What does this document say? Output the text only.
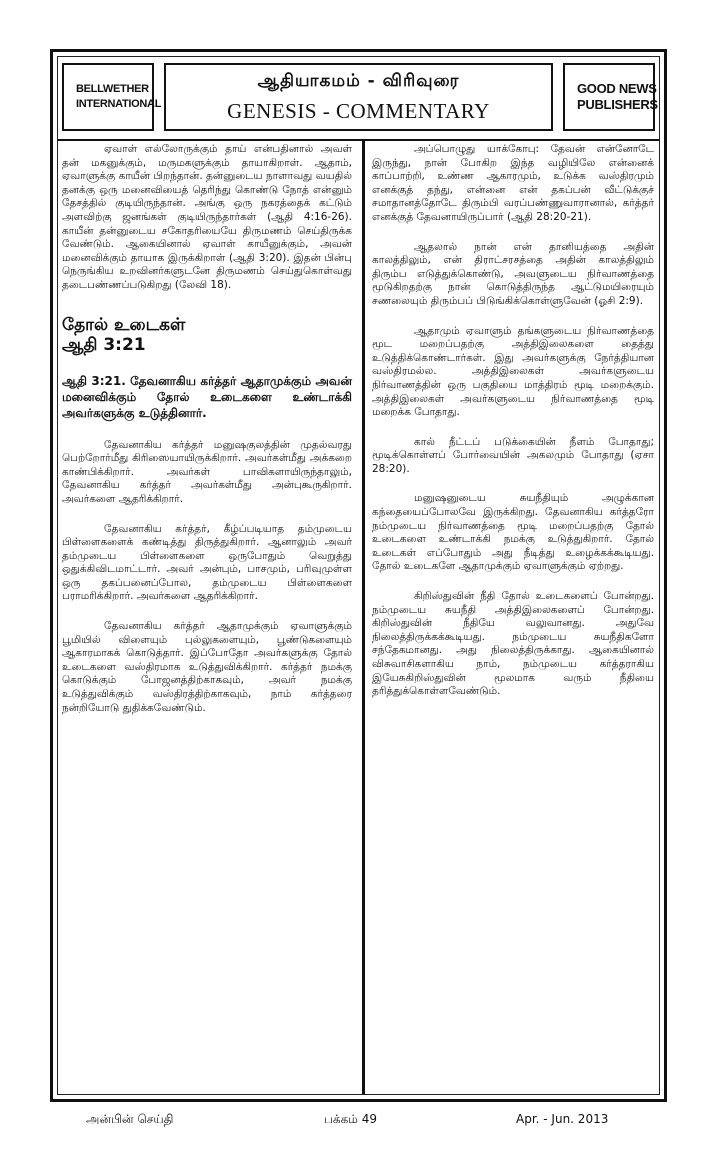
BELLWETHER
INTERNATIONAL
ஆதியாகமம் - விரிவுரை
GENESIS - COMMENTARY
GOOD NEWS
PUBLISHERS

ஏவாள் எல்லோருக்கும் தாய் என்பதினால் அவள் தன் மகனுக்கும், மருமகளுக்கும் தாயாகிறாள். ஆதாம், ஏவாளுக்கு காயீன் பிறந்தான். தன்னுடைய நாளாவது வயதில் தனக்கு ஒரு மனைவியைத் தெரிந்து கொண்டு நோத் என்னும் தேசத்தில் குடியிருந்தான். அங்கு ஒரு நகரத்தைக் கட்டும் அளவிற்கு ஜனங்கள் குடியிருந்தார்கள் (ஆதி 4:16-26). காயீன் தன்னுடைய சகோதரியையே திருமணம் செய்திருக்க வேண்டும். ஆகையினால் ஏவாள் காயீனுக்கும், அவன் மனைவிக்கும் தாயாக இருக்கிறாள் (ஆதி 3:20). இதன் பின்பு நெருங்கிய உறவினர்களுடனே திருமணம் செய்துகொள்வது தடைபண்ணப்படுகிறது (லேவி 18).

தோல் உடைகள்
ஆதி 3:21

ஆதி 3:21. தேவனாகிய கர்த்தர் ஆதாமுக்கும் அவன் மனைவிக்கும் தோல் உடைகளை உண்டாக்கி அவர்களுக்கு உடுத்தினார்.

தேவனாகிய கர்த்தர் மனுஷகுலத்தின் முதல்வரது பெற்றோர்மீது கிரிஸையாயிருக்கிறார். அவர்கள்மீது அக்கறை காண்பிக்கிறார். அவர்கள் பாவிகளாயிருந்தாலும், தேவனாகிய கர்த்தர் அவர்கள்மீது அன்புகூருகிறார். அவர்களை ஆதரிக்கிறார்.

தேவனாகிய கர்த்தர், கீழ்ப்படியாத தம்முடைய பிள்ளைகளைக் கண்டித்து திருத்துகிறார். ஆனாலும் அவர் தம்முடைய பிள்ளைகளை ஒருபோதும் வெறுத்து ஒதுக்கிவிடமாட்டார். அவர் அன்பும், பாசமும், பரிவுமுள்ள ஒரு தகப்பனைப்போல, தம்முடைய பிள்ளைகளை பராமரிக்கிறார். அவர்களை ஆதரிக்கிறார்.

தேவனாகிய கர்த்தர் ஆதாமுக்கும் ஏவாளுக்கும் பூமியில் விளையும் புல்லுகளையும், பூண்டுகளையும் ஆகாரமாகக் கொடுத்தார். இப்போதோ அவர்களுக்கு தோல் உடைகளை வஸ்திரமாக உடுத்துவிக்கிறார். கர்த்தர் நமக்கு கொடுக்கும் போஜனத்திற்காகவும், அவர் நமக்கு உடுத்துவிக்கும் வஸ்திரத்திற்காகவும், நாம் கர்த்தரை நன்றியோடு துதிக்கவேண்டும்.

அப்பொழுது யாக்கோபு: தேவன் என்னோடே இருந்து, நான் போகிற இந்த வழியிலே என்னைக் காப்பாற்றி, உண்ண ஆகாரமும், உடுக்க வஸ்திரமும் எனக்குத் தந்து, என்னை என் தகப்பன் வீட்டுக்குச் சமாதானத்தோடே திரும்பி வரப்பண்ணுவாரானால், கர்த்தர் எனக்குத் தேவனாயிருப்பார் (ஆதி 28:20-21).

ஆதலால் நான் என் தானியத்தை அதின் காலத்திலும், என் திராட்சரசத்தை அதின் காலத்திலும் திரும்ப எடுத்துக்கொண்டு, அவளுடைய நிர்வாணத்தை மூடுகிறதற்கு நான் கொடுத்திருந்த ஆட்டுமயிரையும் சணலையும் திரும்பப் பிடுங்கிக்கொள்ளுவேன் (ஓசி 2:9).

ஆதாமும் ஏவாளும் தங்களுடைய நிர்வாணத்தை மூட மறைப்பதற்கு அத்திஇலைகளை தைத்து உடுத்திக்கொண்டார்கள். இது அவர்களுக்கு நேர்த்தியான வஸ்திரமல்ல. அத்திஇலைகள் அவர்களுடைய நிர்வாணத்தின் ஒரு பகுதியை மாத்திரம் மூடி மறைக்கும். அத்திஇலைகள் அவர்களுடைய நிர்வாணத்தை மூடி மறைக்க போதாது.

கால் நீட்டப் படுக்கையின் நீளம் போதாது; மூடிக்கொள்ளப் போர்வையின் அகலமும் போதாது (ஏசா 28:20).

மனுஷனுடைய சுயநீதியும் அழுக்கான கந்தையைப்போலவே இருக்கிறது. தேவனாகிய கர்த்தரோ நம்முடைய நிர்வாணத்தை மூடி மறைப்பதற்கு தோல் உடைகளை உண்டாக்கி நமக்கு உடுத்துகிறார். தோல் உடைகள் எப்போதும் அது நீடித்து உழைக்கக்கூடியது. தோல் உடைகளே ஆதாமுக்கும் ஏவாளுக்கும் ஏற்றது.

கிறிஸ்துவின் நீதி தோல் உடைகளைப் போன்றது. நம்முடைய சுயநீதி அத்திஇலைகளைப் போன்றது. கிறிஸ்துவின் நீதியே வலுவானது. அதுவே நிலைத்திருக்கக்கூடியது. நம்முடைய சுயநீதிகளோ சந்தேகமானது. அது நிலைத்திருக்காது. ஆகையினால் விசுவாசிகளாகிய நாம், நம்முடைய கர்த்தராகிய இயேசுகிறிஸ்துவின் மூலமாக வரும் நீதியை தரித்துக்கொள்ளவேண்டும்.

அன்பின் செய்தி	பக்கம் 49	Apr. - Jun. 2013
